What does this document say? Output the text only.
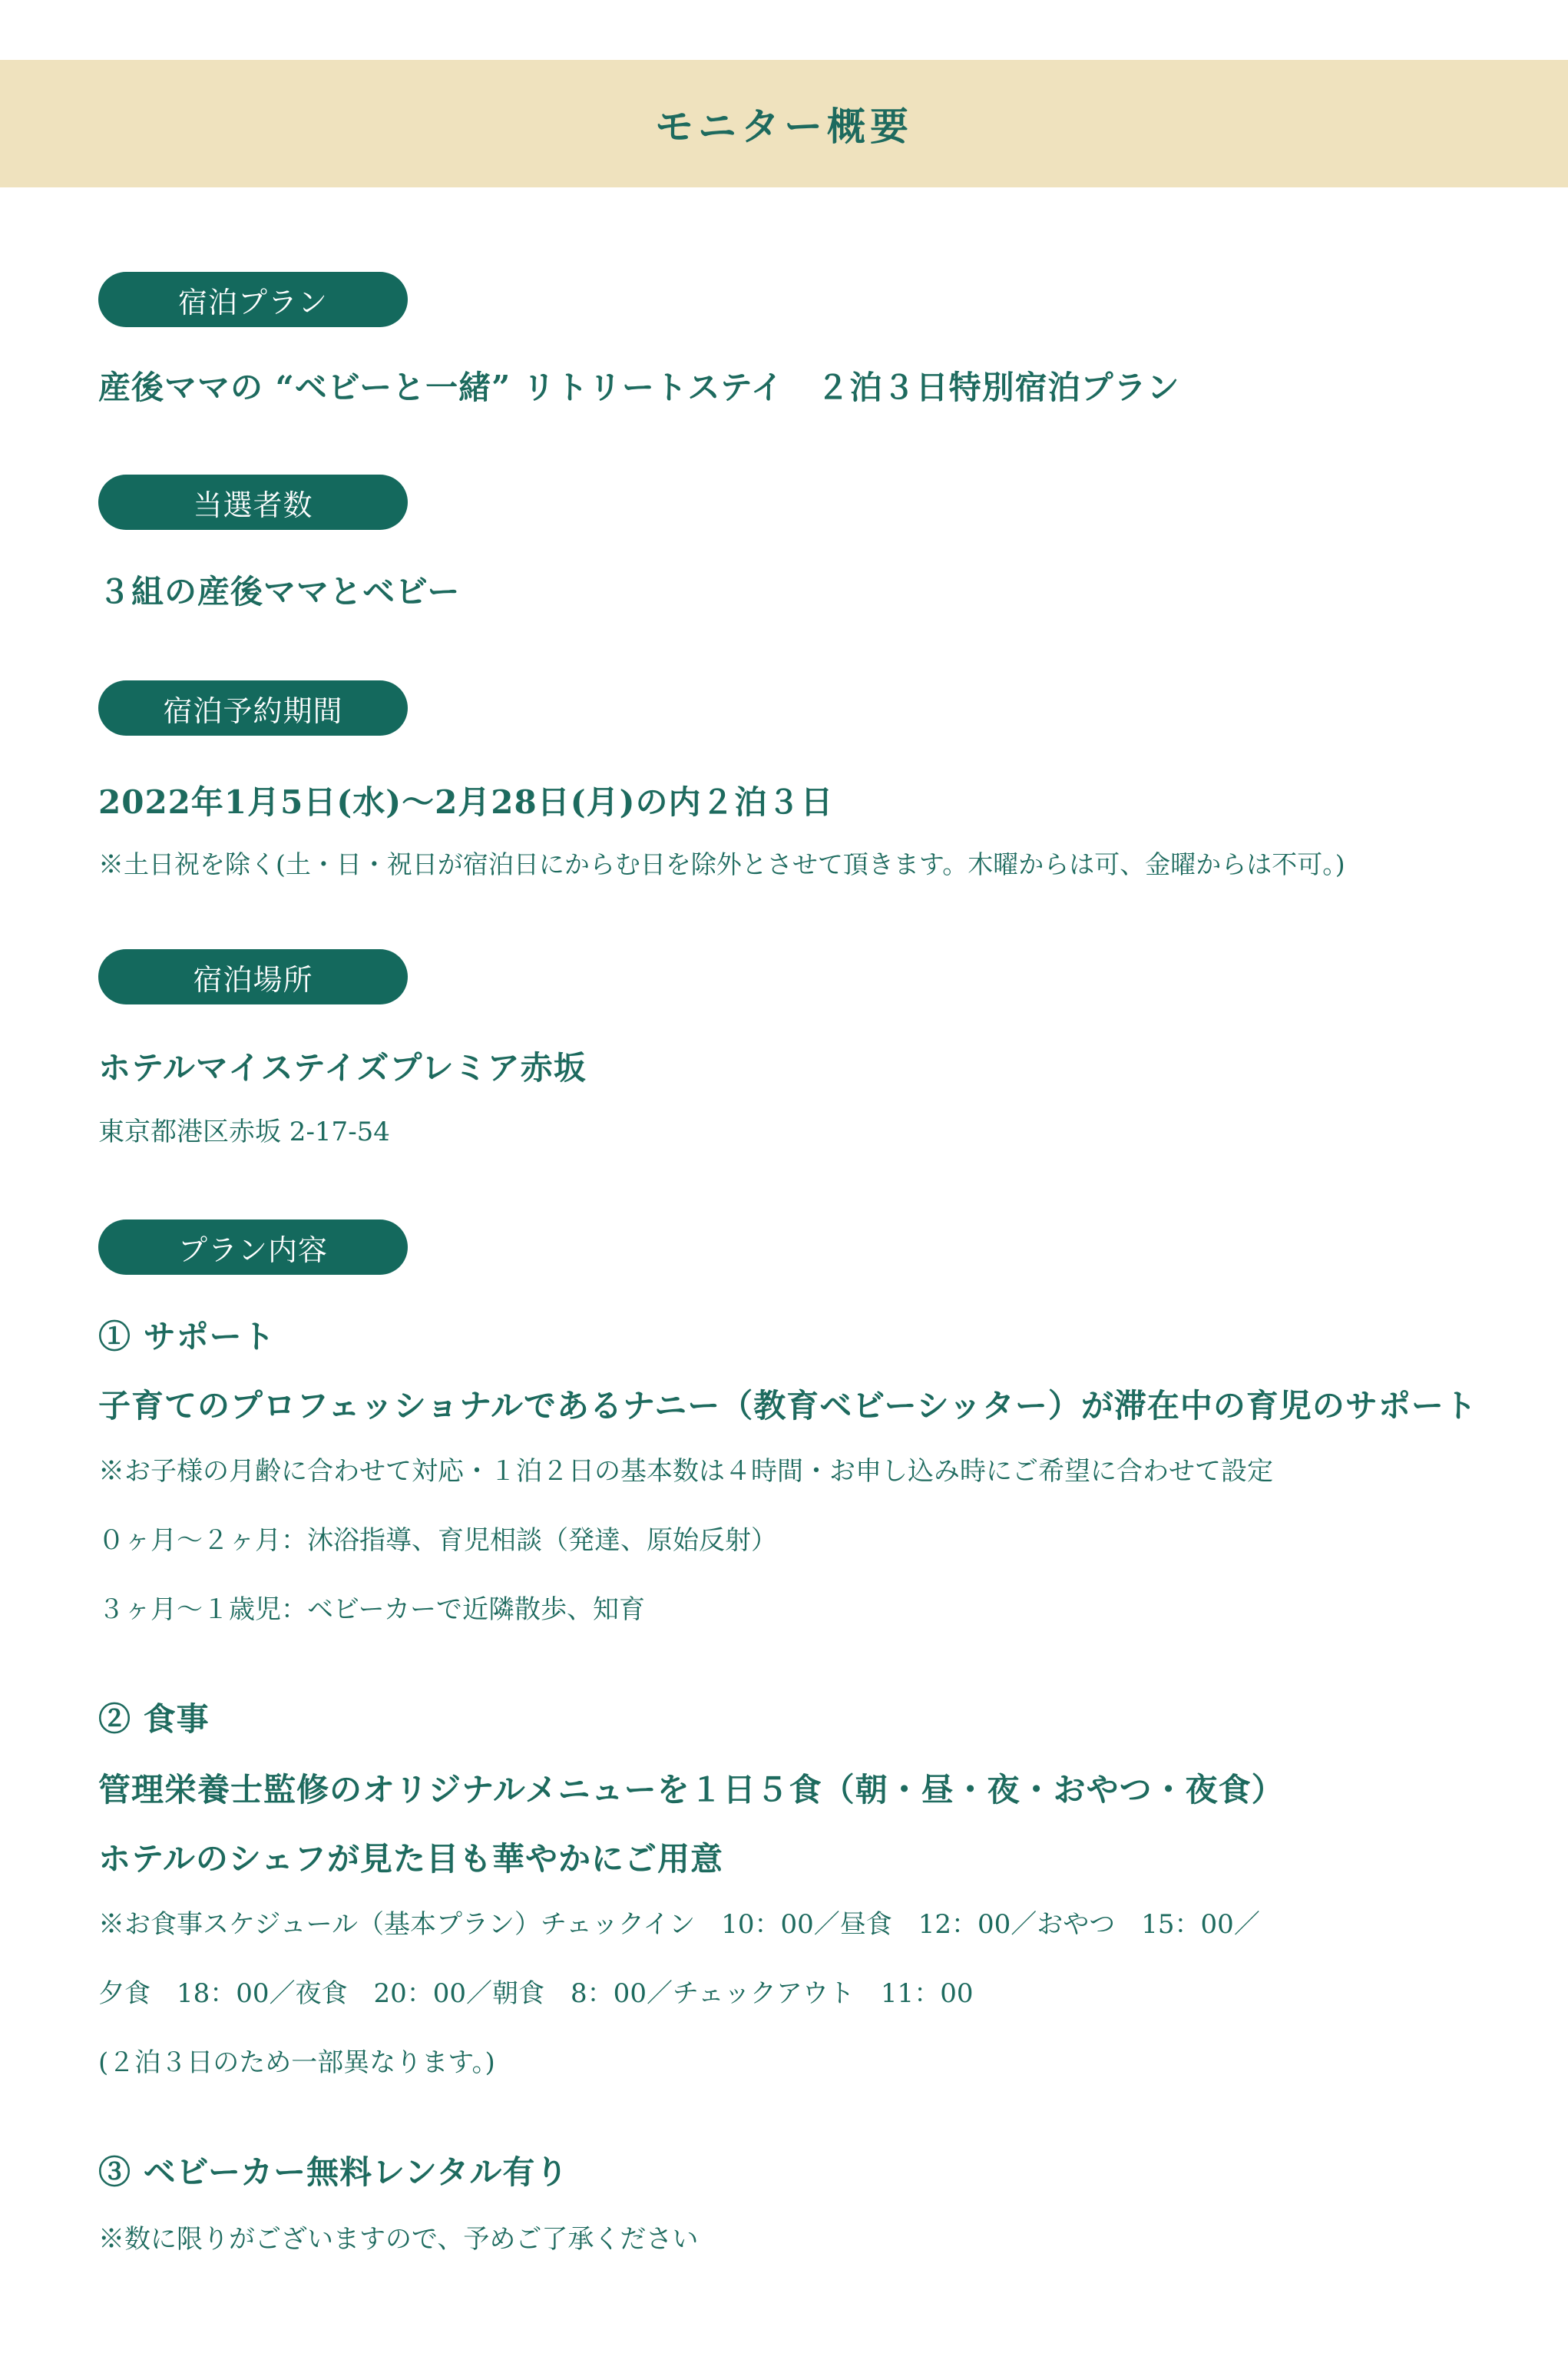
モニター概要
宿泊プラン
産後ママの “ベビーと一緒” リトリートステイ　２泊３日特別宿泊プラン
当選者数
３組の産後ママとベビー
宿泊予約期間
2022年1月5日(水)〜2月28日(月)の内２泊３日
※土日祝を除く(土・日・祝日が宿泊日にからむ日を除外とさせて頂きます。木曜からは可、金曜からは不可。)
宿泊場所
ホテルマイステイズプレミア赤坂
東京都港区赤坂 2-17-54
プラン内容
① サポート
子育てのプロフェッショナルであるナニー（教育ベビーシッター）が滞在中の育児のサポート
※お子様の月齢に合わせて対応・１泊２日の基本数は４時間・お申し込み時にご希望に合わせて設定
０ヶ月〜２ヶ月：沐浴指導、育児相談（発達、原始反射）
３ヶ月〜１歳児：ベビーカーで近隣散歩、知育
② 食事
管理栄養士監修のオリジナルメニューを１日５食（朝・昼・夜・おやつ・夜食）
ホテルのシェフが見た目も華やかにご用意
※お食事スケジュール（基本プラン）チェックイン　10：00／昼食　12：00／おやつ　15：00／
夕食　18：00／夜食　20：00／朝食　8：00／チェックアウト　11：00
(２泊３日のため一部異なります。)
③ ベビーカー無料レンタル有り
※数に限りがございますので、予めご了承ください
